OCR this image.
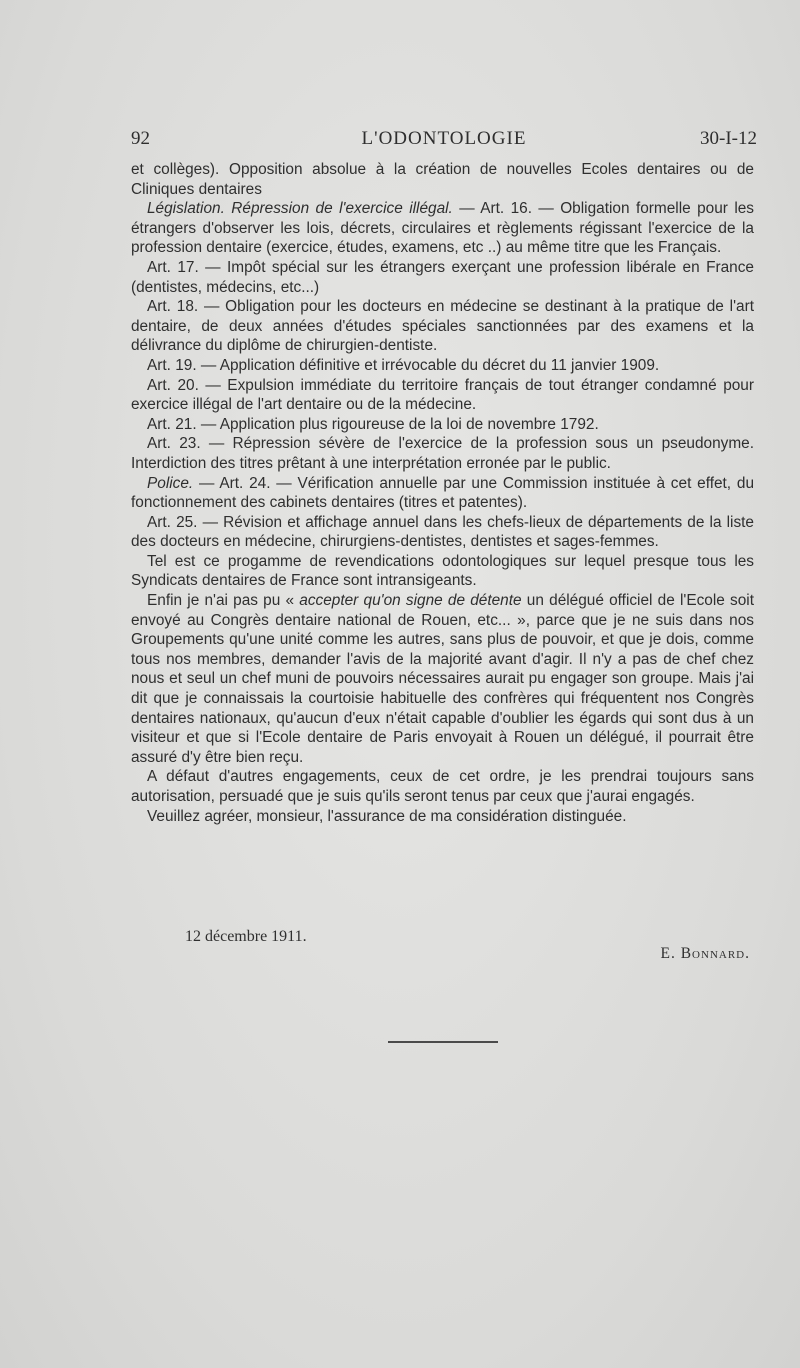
92	L'ODONTOLOGIE	30-I-12

et collèges). Opposition absolue à la création de nouvelles Ecoles dentaires ou de Cliniques dentaires

Législation. Répression de l'exercice illégal. — Art. 16. — Obligation formelle pour les étrangers d'observer les lois, décrets, circulaires et règlements régissant l'exercice de la profession dentaire (exercice, études, examens, etc ..) au même titre que les Français.

Art. 17. — Impôt spécial sur les étrangers exerçant une profession libérale en France (dentistes, médecins, etc...)

Art. 18. — Obligation pour les docteurs en médecine se destinant à la pratique de l'art dentaire, de deux années d'études spéciales sanctionnées par des examens et la délivrance du diplôme de chirurgien-dentiste.

Art. 19. — Application définitive et irrévocable du décret du 11 janvier 1909.

Art. 20. — Expulsion immédiate du territoire français de tout étranger condamné pour exercice illégal de l'art dentaire ou de la médecine.

Art. 21. — Application plus rigoureuse de la loi de novembre 1792.

Art. 23. — Répression sévère de l'exercice de la profession sous un pseudonyme. Interdiction des titres prêtant à une interprétation erronée par le public.

Police. — Art. 24. — Vérification annuelle par une Commission instituée à cet effet, du fonctionnement des cabinets dentaires (titres et patentes).

Art. 25. — Révision et affichage annuel dans les chefs-lieux de départements de la liste des docteurs en médecine, chirurgiens-dentistes, dentistes et sages-femmes.

Tel est ce progamme de revendications odontologiques sur lequel presque tous les Syndicats dentaires de France sont intransigeants.

Enfin je n'ai pas pu « accepter qu'on signe de détente un délégué officiel de l'Ecole soit envoyé au Congrès dentaire national de Rouen, etc... », parce que je ne suis dans nos Groupements qu'une unité comme les autres, sans plus de pouvoir, et que je dois, comme tous nos membres, demander l'avis de la majorité avant d'agir. Il n'y a pas de chef chez nous et seul un chef muni de pouvoirs nécessaires aurait pu engager son groupe. Mais j'ai dit que je connaissais la courtoisie habituelle des confrères qui fréquentent nos Congrès dentaires nationaux, qu'aucun d'eux n'était capable d'oublier les égards qui sont dus à un visiteur et que si l'Ecole dentaire de Paris envoyait à Rouen un délégué, il pourrait être assuré d'y être bien reçu.

A défaut d'autres engagements, ceux de cet ordre, je les prendrai toujours sans autorisation, persuadé que je suis qu'ils seront tenus par ceux que j'aurai engagés.

Veuillez agréer, monsieur, l'assurance de ma considération distinguée.

12 décembre 1911.
E. Bonnard.
